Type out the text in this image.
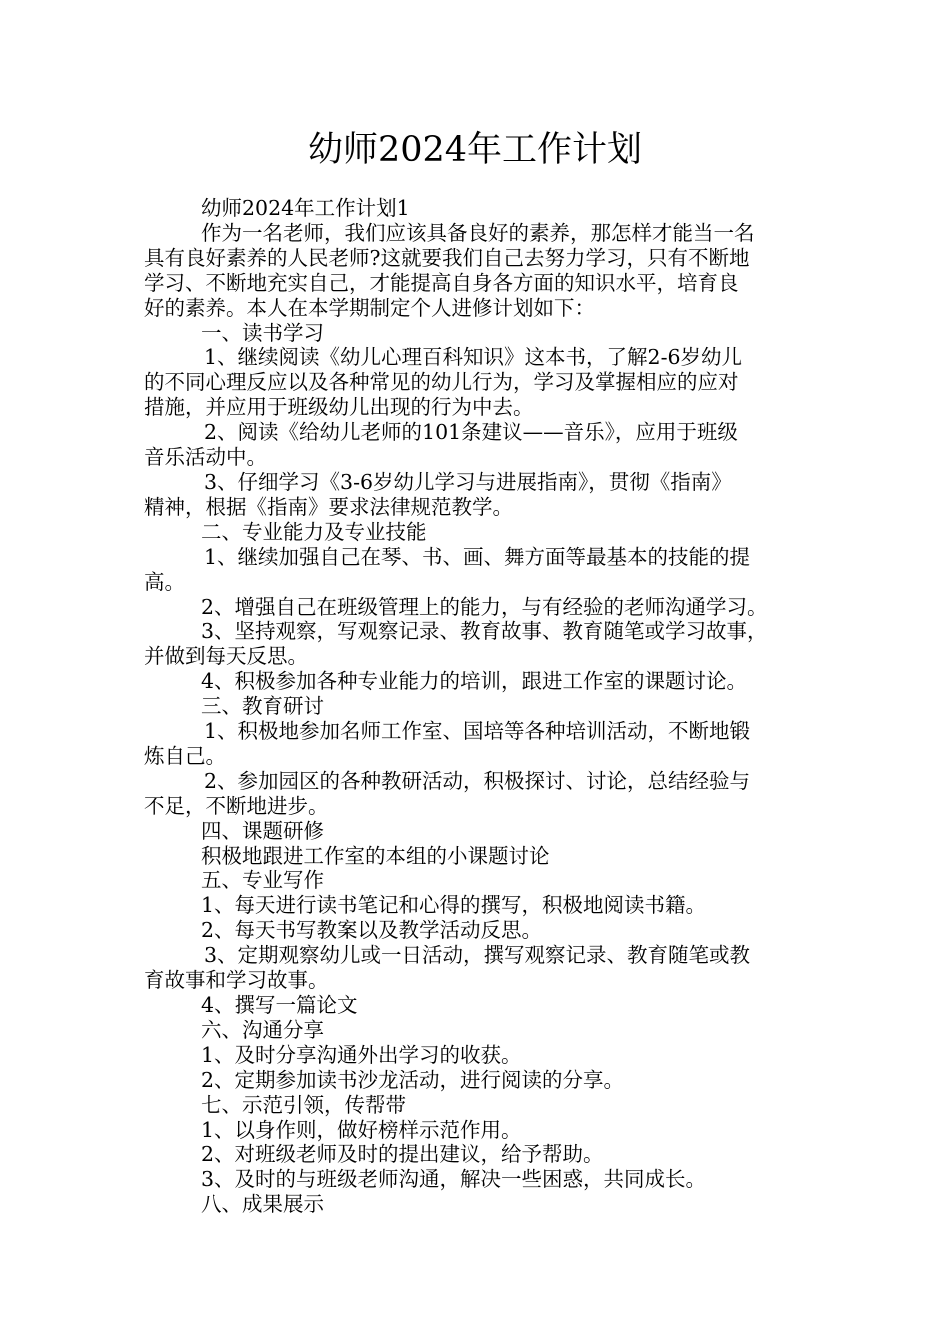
幼师2024年工作计划

幼师2024年工作计划1

作为一名老师，我们应该具备良好的素养，那怎样才能当一名

具有良好素养的人民老师?这就要我们自己去努力学习，只有不断地

学习、不断地充实自己，才能提高自身各方面的知识水平，培育良

好的素养。本人在本学期制定个人进修计划如下：

一、读书学习

1、继续阅读《幼儿心理百科知识》这本书，了解2-6岁幼儿

的不同心理反应以及各种常见的幼儿行为，学习及掌握相应的应对

措施，并应用于班级幼儿出现的行为中去。

2、阅读《给幼儿老师的101条建议——音乐》，应用于班级

音乐活动中。

3、仔细学习《3-6岁幼儿学习与进展指南》，贯彻《指南》

精神，根据《指南》要求法律规范教学。

二、专业能力及专业技能

1、继续加强自己在琴、书、画、舞方面等最基本的技能的提

高。

2、增强自己在班级管理上的能力，与有经验的老师沟通学习。

3、坚持观察，写观察记录、教育故事、教育随笔或学习故事，

并做到每天反思。

4、积极参加各种专业能力的培训，跟进工作室的课题讨论。

三、教育研讨

1、积极地参加名师工作室、国培等各种培训活动，不断地锻

炼自己。

2、参加园区的各种教研活动，积极探讨、讨论，总结经验与

不足，不断地进步。

四、课题研修

积极地跟进工作室的本组的小课题讨论

五、专业写作

1、每天进行读书笔记和心得的撰写，积极地阅读书籍。

2、每天书写教案以及教学活动反思。

3、定期观察幼儿或一日活动，撰写观察记录、教育随笔或教

育故事和学习故事。

4、撰写一篇论文

六、沟通分享

1、及时分享沟通外出学习的收获。

2、定期参加读书沙龙活动，进行阅读的分享。

七、示范引领，传帮带

1、以身作则，做好榜样示范作用。

2、对班级老师及时的提出建议，给予帮助。

3、及时的与班级老师沟通，解决一些困惑，共同成长。

八、成果展示
